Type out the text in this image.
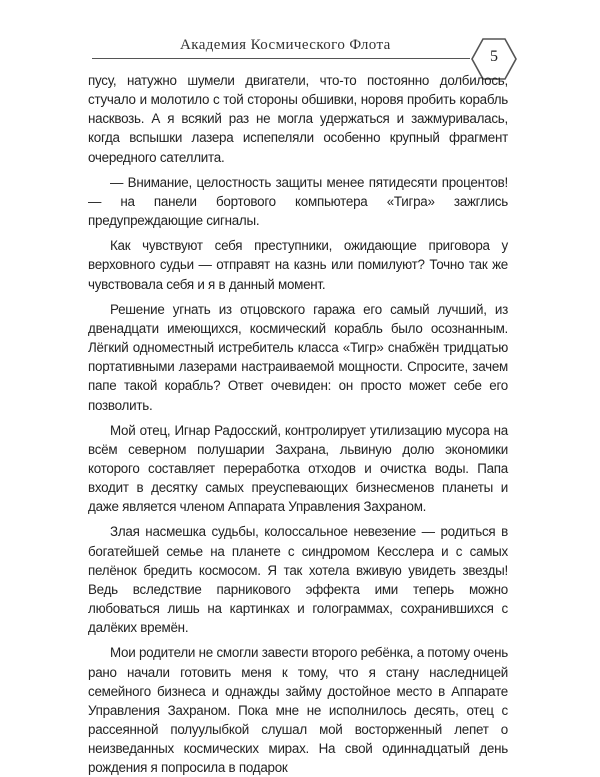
Академия Космического Флота
5

пусу, натужно шумели двигатели, что-то постоянно долбилось, стучало и молотило с той стороны обшивки, норовя пробить корабль насквозь. А я всякий раз не могла удержаться и зажмуривалась, когда вспышки лазера испепеляли особенно крупный фрагмент очередного сателлита.

— Внимание, целостность защиты менее пятидесяти процентов! — на панели бортового компьютера «Тигра» зажглись предупреждающие сигналы.

Как чувствуют себя преступники, ожидающие приговора у верховного судьи — отправят на казнь или помилуют? Точно так же чувствовала себя и я в данный момент.

Решение угнать из отцовского гаража его самый лучший, из двенадцати имеющихся, космический корабль было осознанным. Лёгкий одноместный истребитель класса «Тигр» снабжён тридцатью портативными лазерами настраиваемой мощности. Спросите, зачем папе такой корабль? Ответ очевиден: он просто может себе его позволить.

Мой отец, Игнар Радосский, контролирует утилизацию мусора на всём северном полушарии Захрана, львиную долю экономики которого составляет переработка отходов и очистка воды. Папа входит в десятку самых преуспевающих бизнесменов планеты и даже является членом Аппарата Управления Захраном.

Злая насмешка судьбы, колоссальное невезение — родиться в богатейшей семье на планете с синдромом Кесслера и с самых пелёнок бредить космосом. Я так хотела вживую увидеть звезды! Ведь вследствие парникового эффекта ими теперь можно любоваться лишь на картинках и голограммах, сохранившихся с далёких времён.

Мои родители не смогли завести второго ребёнка, а потому очень рано начали готовить меня к тому, что я стану наследницей семейного бизнеса и однажды займу достойное место в Аппарате Управления Захраном. Пока мне не исполнилось десять, отец с рассеянной полуулыбкой слушал мой восторженный лепет о неизведанных космических мирах. На свой одиннадцатый день рождения я попросила в подарок
